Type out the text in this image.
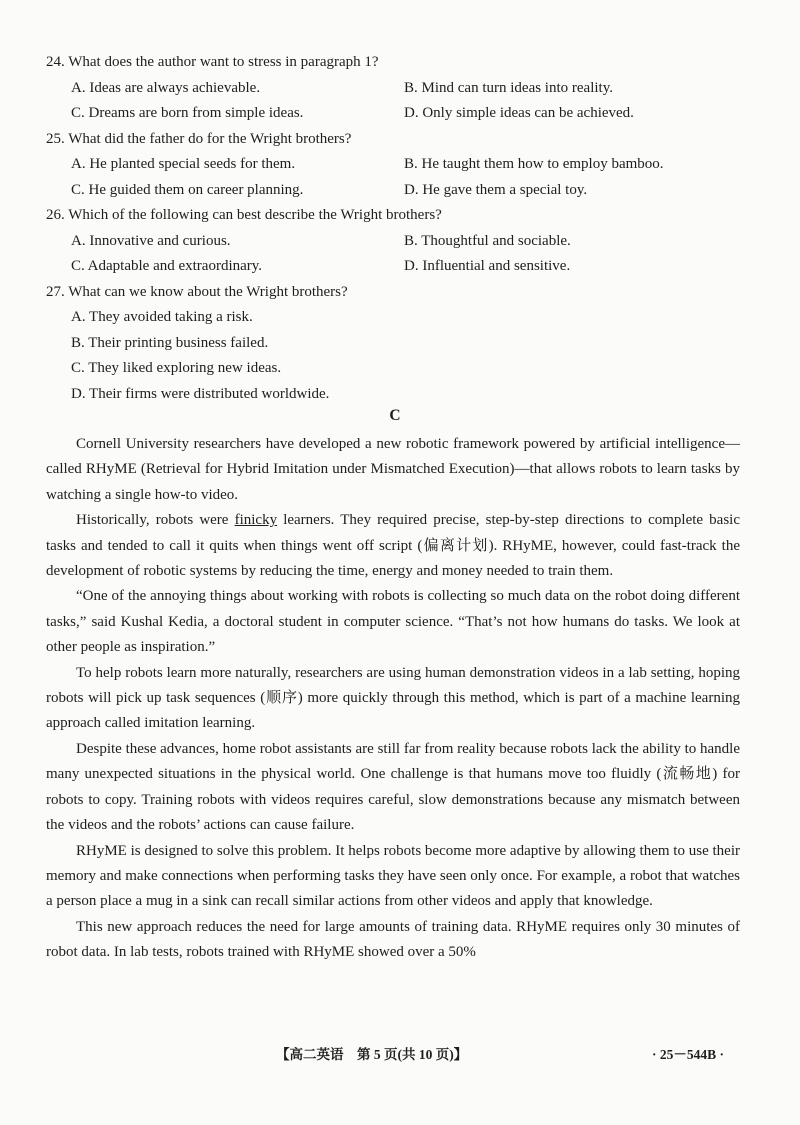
24. What does the author want to stress in paragraph 1?
A. Ideas are always achievable.	B. Mind can turn ideas into reality.
C. Dreams are born from simple ideas.	D. Only simple ideas can be achieved.
25. What did the father do for the Wright brothers?
A. He planted special seeds for them.	B. He taught them how to employ bamboo.
C. He guided them on career planning.	D. He gave them a special toy.
26. Which of the following can best describe the Wright brothers?
A. Innovative and curious.	B. Thoughtful and sociable.
C. Adaptable and extraordinary.	D. Influential and sensitive.
27. What can we know about the Wright brothers?
A. They avoided taking a risk.
B. Their printing business failed.
C. They liked exploring new ideas.
D. Their firms were distributed worldwide.
C

Cornell University researchers have developed a new robotic framework powered by artificial intelligence—called RHyME (Retrieval for Hybrid Imitation under Mismatched Execution)—that allows robots to learn tasks by watching a single how-to video.

Historically, robots were finicky learners. They required precise, step-by-step directions to complete basic tasks and tended to call it quits when things went off script (偏离计划). RHyME, however, could fast-track the development of robotic systems by reducing the time, energy and money needed to train them.

“One of the annoying things about working with robots is collecting so much data on the robot doing different tasks,” said Kushal Kedia, a doctoral student in computer science. “That’s not how humans do tasks. We look at other people as inspiration.”

To help robots learn more naturally, researchers are using human demonstration videos in a lab setting, hoping robots will pick up task sequences (顺序) more quickly through this method, which is part of a machine learning approach called imitation learning.

Despite these advances, home robot assistants are still far from reality because robots lack the ability to handle many unexpected situations in the physical world. One challenge is that humans move too fluidly (流畅地) for robots to copy. Training robots with videos requires careful, slow demonstrations because any mismatch between the videos and the robots’ actions can cause failure.

RHyME is designed to solve this problem. It helps robots become more adaptive by allowing them to use their memory and make connections when performing tasks they have seen only once. For example, a robot that watches a person place a mug in a sink can recall similar actions from other videos and apply that knowledge.

This new approach reduces the need for large amounts of training data. RHyME requires only 30 minutes of robot data. In lab tests, robots trained with RHyME showed over a 50%

【高二英语　第 5 页(共 10 页)】	· 25－544B ·
